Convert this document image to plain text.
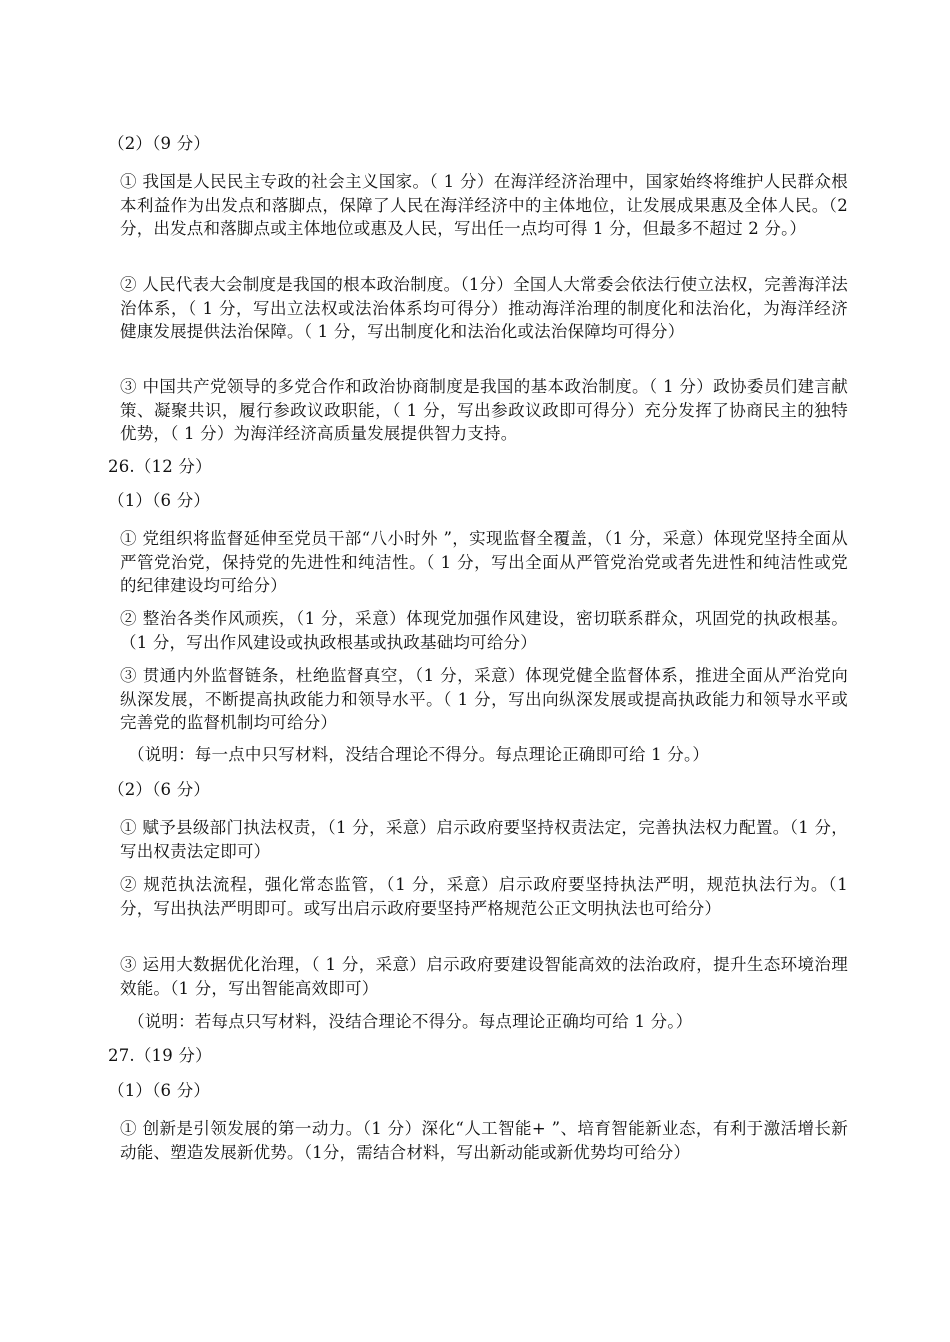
（2）（9 分）
① 我国是人民民主专政的社会主义国家。（ 1 分）在海洋经济治理中，国家始终将维护人民群众根本利益作为出发点和落脚点，保障了人民在海洋经济中的主体地位，让发展成果惠及全体人民。（2 分，出发点和落脚点或主体地位或惠及人民，写出任一点均可得 1 分，但最多不超过 2 分。）
② 人民代表大会制度是我国的根本政治制度。（1分）全国人大常委会依法行使立法权，完善海洋法治体系，（ 1 分，写出立法权或法治体系均可得分）推动海洋治理的制度化和法治化，为海洋经济健康发展提供法治保障。（ 1 分，写出制度化和法治化或法治保障均可得分）
③ 中国共产党领导的多党合作和政治协商制度是我国的基本政治制度。（ 1 分）政协委员们建言献策、凝聚共识，履行参政议政职能，（ 1 分，写出参政议政即可得分）充分发挥了协商民主的独特优势，（ 1 分）为海洋经济高质量发展提供智力支持。
26.（12 分）
（1）（6 分）
① 党组织将监督延伸至党员干部“八小时外 ”，实现监督全覆盖，（1 分，采意）体现党坚持全面从严管党治党，保持党的先进性和纯洁性。（ 1 分，写出全面从严管党治党或者先进性和纯洁性或党的纪律建设均可给分）
② 整治各类作风顽疾，（1 分，采意）体现党加强作风建设，密切联系群众，巩固党的执政根基。（1 分，写出作风建设或执政根基或执政基础均可给分）
③ 贯通内外监督链条，杜绝监督真空，（1 分，采意）体现党健全监督体系，推进全面从严治党向纵深发展，不断提高执政能力和领导水平。（ 1 分，写出向纵深发展或提高执政能力和领导水平或完善党的监督机制均可给分）
（说明：每一点中只写材料，没结合理论不得分。每点理论正确即可给 1 分。）
（2）（6 分）
① 赋予县级部门执法权责，（1 分，采意）启示政府要坚持权责法定，完善执法权力配置。（1 分，写出权责法定即可）
② 规范执法流程，强化常态监管，（1 分，采意）启示政府要坚持执法严明，规范执法行为。（1 分，写出执法严明即可。或写出启示政府要坚持严格规范公正文明执法也可给分）
③ 运用大数据优化治理，（ 1 分，采意）启示政府要建设智能高效的法治政府，提升生态环境治理效能。（1 分，写出智能高效即可）
（说明：若每点只写材料，没结合理论不得分。每点理论正确均可给 1 分。）
27.（19 分）
（1）（6 分）
① 创新是引领发展的第一动力。（1 分）深化“人工智能+ ”、培育智能新业态，有利于激活增长新动能、塑造发展新优势。（1分，需结合材料，写出新动能或新优势均可给分）
